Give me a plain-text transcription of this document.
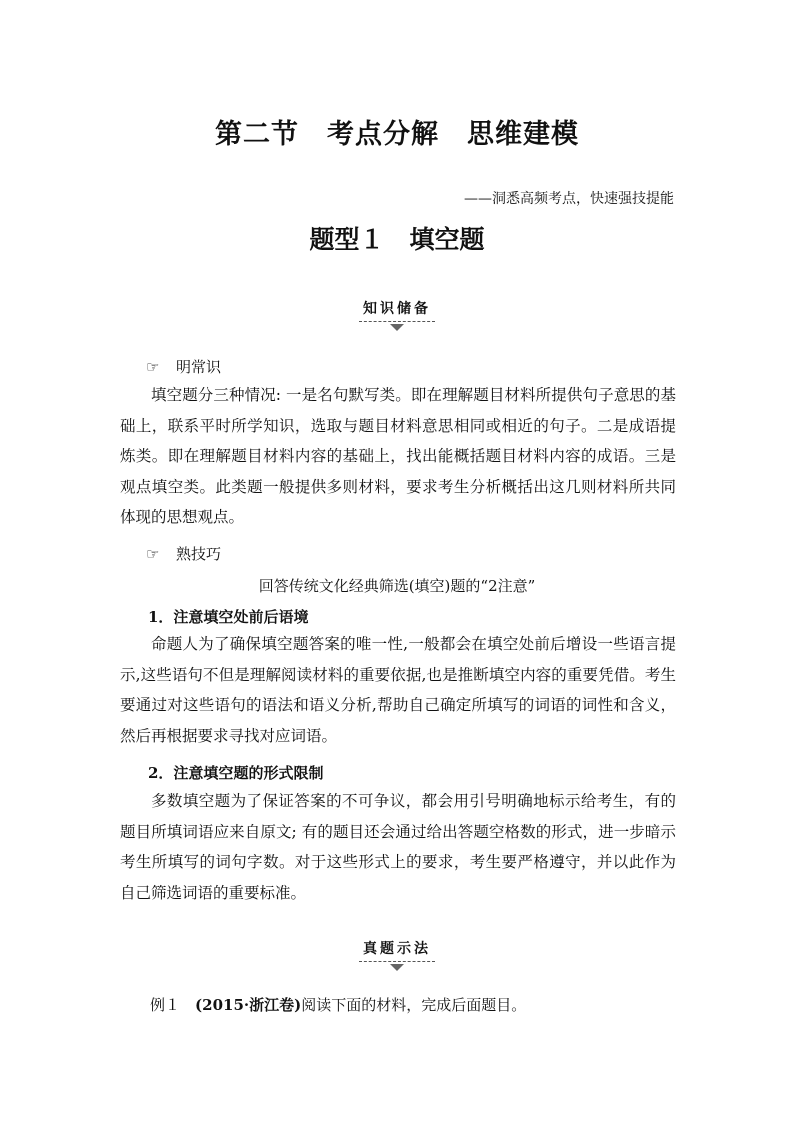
第二节　考点分解　思维建模
——洞悉高频考点，快速强技提能
题型１　填空题
知识储备
☞ 明常识

填空题分三种情况: 一是名句默写类。即在理解题目材料所提供句子意思的基础上，联系平时所学知识，选取与题目材料意思相同或相近的句子。二是成语提炼类。即在理解题目材料内容的基础上，找出能概括题目材料内容的成语。三是观点填空类。此类题一般提供多则材料，要求考生分析概括出这几则材料所共同体现的思想观点。

☞ 熟技巧
回答传统文化经典筛选(填空)题的“2注意”
1．注意填空处前后语境

命题人为了确保填空题答案的唯一性,一般都会在填空处前后增设一些语言提示,这些语句不但是理解阅读材料的重要依据,也是推断填空内容的重要凭借。考生要通过对这些语句的语法和语义分析,帮助自己确定所填写的词语的词性和含义，然后再根据要求寻找对应词语。

2．注意填空题的形式限制

多数填空题为了保证答案的不可争议，都会用引号明确地标示给考生，有的题目所填词语应来自原文; 有的题目还会通过给出答题空格数的形式，进一步暗示考生所填写的词句字数。对于这些形式上的要求，考生要严格遵守，并以此作为自己筛选词语的重要标准。

真题示法
例１　 (2015·浙江卷)阅读下面的材料，完成后面题目。
